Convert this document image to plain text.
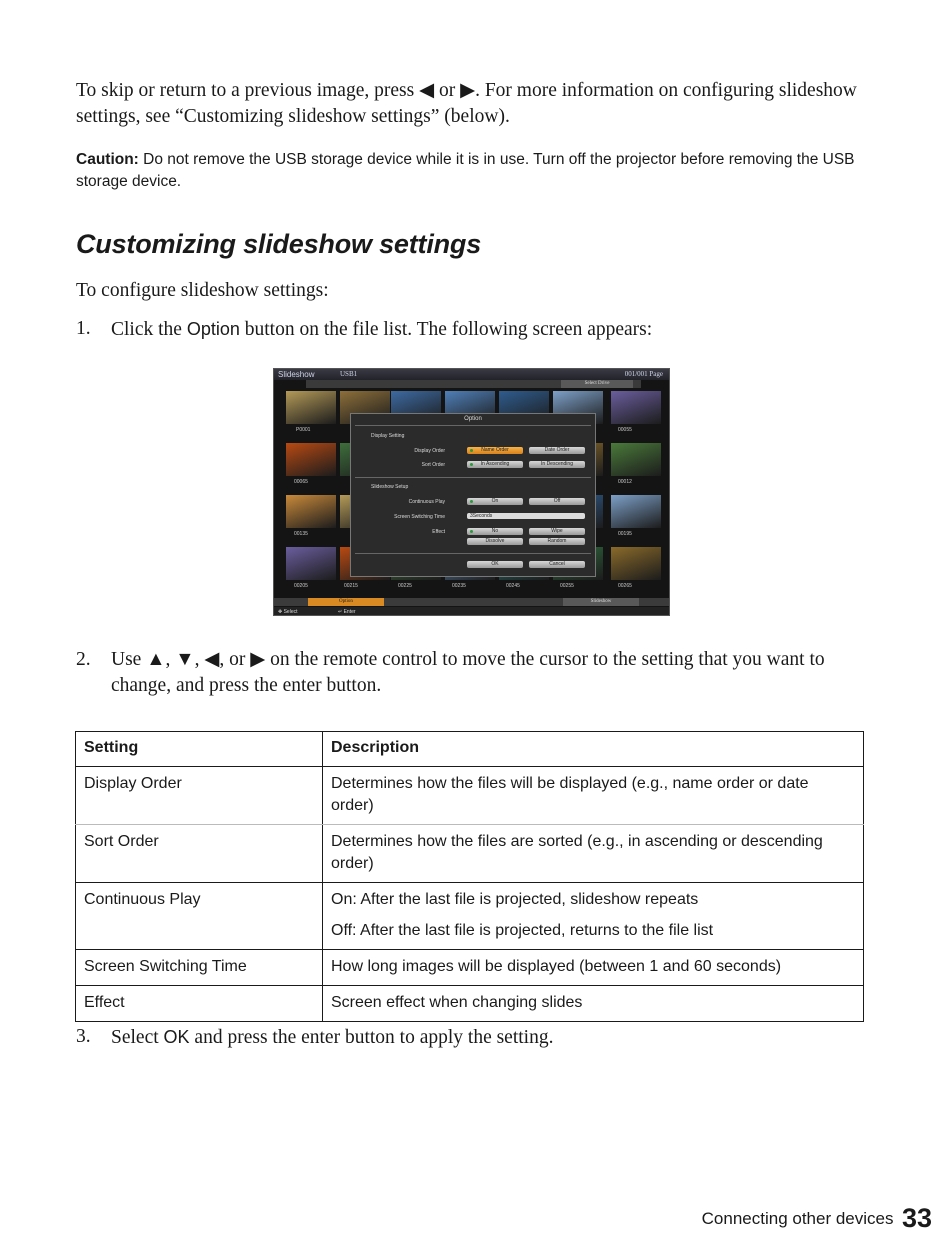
To skip or return to a previous image, press ◀ or ▶. For more information on configuring slideshow settings, see “Customizing slideshow settings” (below).

Caution: Do not remove the USB storage device while it is in use. Turn off the projector before removing the USB storage device.

Customizing slideshow settings

To configure slideshow settings:

1. Click the Option button on the file list. The following screen appears:
Slideshow	USB1	001/001 Page
Select Drive
P0001	00055
00065	00012
00135	00195
00205	00215	00225	00235	00245	00255	00265
Option
Display Setting
Display Order	Name Order	Date Order
Sort Order	In Ascending	In Descending
Slideshow Setup
Continuous Play	On	Off
Screen Switching Time	3Seconds
Effect	No	Wipe
Dissolve	Random
OK	Cancel
Option	Slideshow
✥ Select	↵ Enter
2. Use ▲, ▼, ◀, or ▶ on the remote control to move the cursor to the setting that you want to change, and press the enter button.
Setting	Description
Display Order	Determines how the files will be displayed (e.g., name order or date order)

Sort Order	Determines how the files are sorted (e.g., in ascending or descending order)

Continuous Play	On: After the last file is projected, slideshow repeats

Off: After the last file is projected, returns to the file list

Screen Switching Time	How long images will be displayed (between 1 and 60 seconds)

Effect	Screen effect when changing slides

3. Select OK and press the enter button to apply the setting.
Connecting other devices 33
